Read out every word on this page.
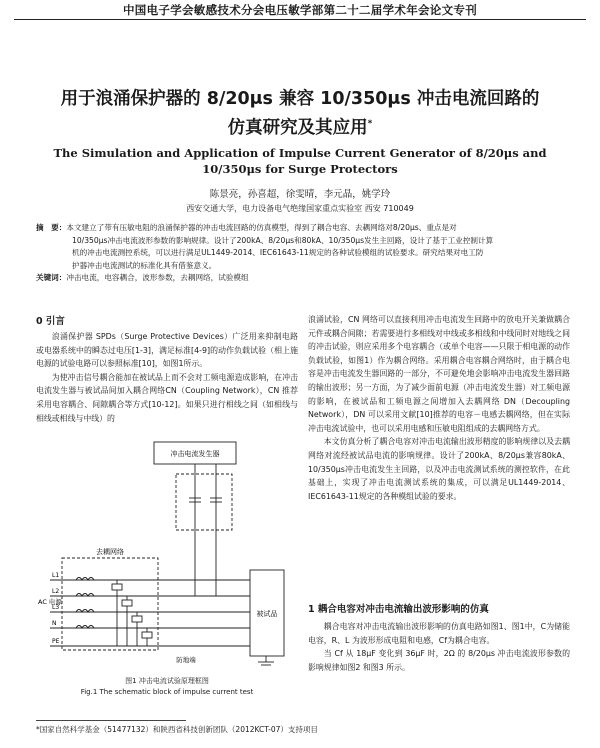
中国电子学会敏感技术分会电压敏学部第二十二届学术年会论文专刊
用于浪涌保护器的 8/20μs 兼容 10/350μs 冲击电流回路的
仿真研究及其应用*
The Simulation and Application of Impulse Current Generator of 8/20μs and
10/350μs for Surge Protectors
陈景亮，孙喜超，徐雯晴，李元晶，姚学玲
西安交通大学，电力设备电气绝缘国家重点实验室 西安 710049
摘　要：本文建立了带有压敏电阻的浪涌保护器的冲击电流回路的仿真模型，得到了耦合电容、去耦网络对8/20μs、重点是对
10/350μs冲击电流波形参数的影响规律。设计了200kA、8/20μs和80kA、10/350μs发生主回路，设计了基于工业控制计算
机的冲击电流测控系统，可以进行满足UL1449-2014、IEC61643-11规定的各种试验模组的试验要求。研究结果对电工防
护器冲击电流测试的标准化具有借鉴意义。
关键词：冲击电流，电容耦合，波形参数，去耦网络，试验模组
0 引言

浪涌保护器 SPDs（Surge Protective Devices）广泛用来抑制电路或电器系统中的瞬态过电压[1-3]，满足标准[4-9]的动作负载试验（相上施电源的试验电路可以参照标准[10]，如图1所示。

为使冲击信号耦合能加在被试品上而不会对工频电源造成影响，在冲击电流发生器与被试品间加入耦合网络CN（Coupling Network），CN 推荐采用电容耦合、间隙耦合等方式[10-12]。如果只进行相线之间（如相线与相线或相线与中线）的

冲击电流发生器
去耦网络
AC 电源
L1
L2
L3
N
PE
被试品
防地端
图1 冲击电流试验原理框图
Fig.1 The schematic block of impulse current test

浪涌试验，CN 网络可以直接利用冲击电流发生回路中的放电开关兼做耦合元件或耦合间隙；若需要进行多相线对中线或多相线和中线同时对地线之间的冲击试验，则应采用多个电容耦合（或单个电容——只限于相电源的动作负载试验，如图1）作为耦合网络。采用耦合电容耦合网络时，由于耦合电容是冲击电流发生器回路的一部分，不可避免地会影响冲击电流发生器回路的输出波形；另一方面，为了减少面前电源（冲击电流发生器）对工频电源的影响，在被试品和工频电源之间增加入去耦网络 DN（Decoupling Network），DN 可以采用文献[10]推荐的电容－电感去耦网络，但在实际冲击电流试验中，也可以采用电感和压敏电阻组成的去耦网络方式。

本文仿真分析了耦合电容对冲击电流输出波形精度的影响规律以及去耦网络对流经被试品电流的影响规律。设计了200kA、8/20μs兼容80kA、10/350μs冲击电流发生主回路，以及冲击电流测试系统的测控软件，在此基础上，实现了冲击电流测试系统的集成，可以满足UL1449-2014、IEC61643-11规定的各种模组试验的要求。

1 耦合电容对冲击电流输出波形影响的仿真

耦合电容对冲击电流输出波形影响的仿真电路如图1、图1中，C为储能电容，R、L 为波形形成电阻和电感，Cf为耦合电容。

当 Cf 从 18μF 变化到 36μF 时，2Ω 的 8/20μs 冲击电流波形参数的影响规律如图2 和图3 所示。

*国家自然科学基金（51477132）和陕西省科技创新团队（2012KCT-07）支持项目
